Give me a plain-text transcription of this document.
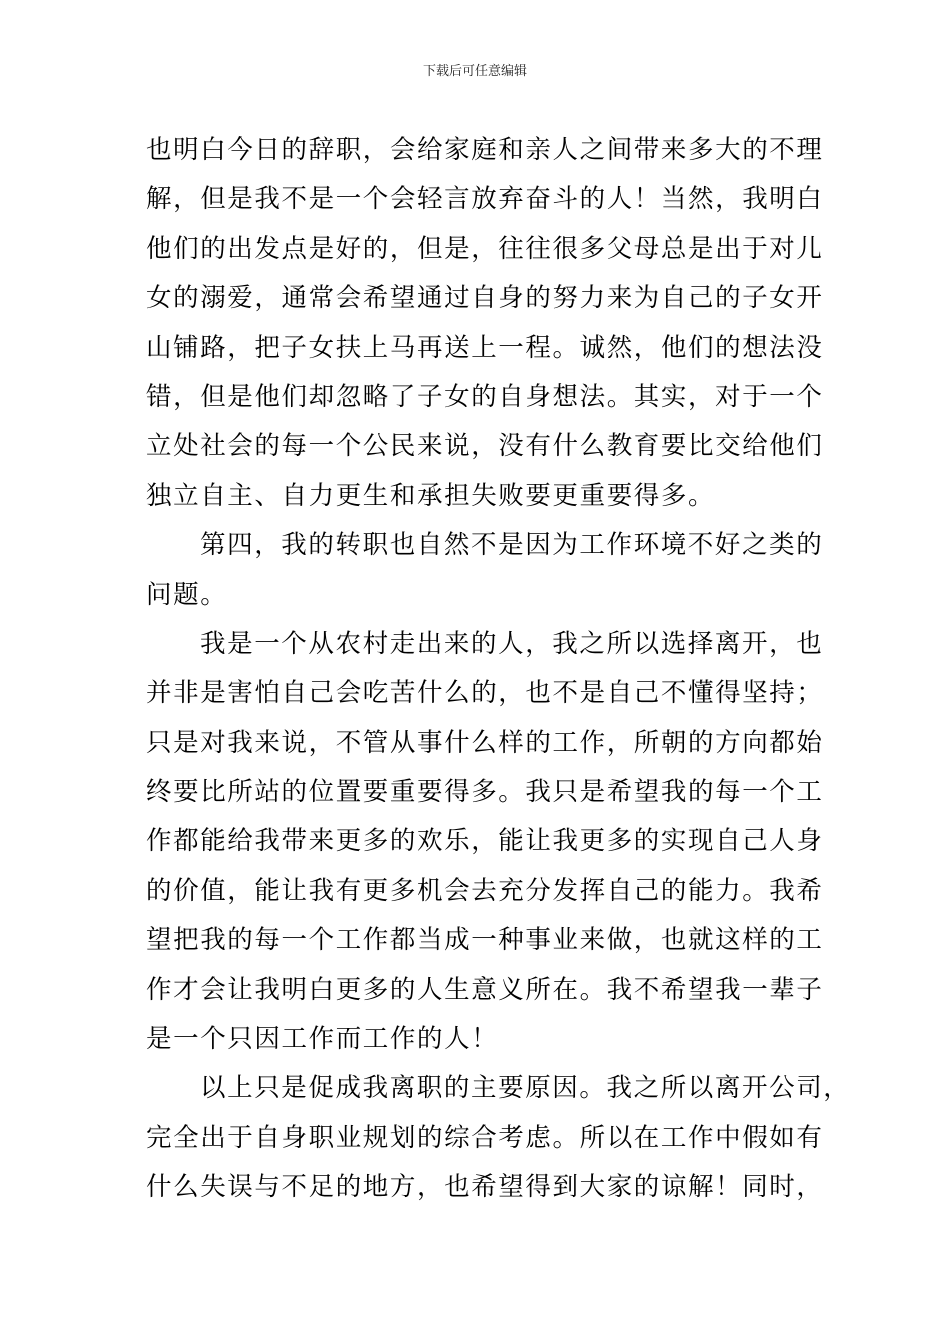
下载后可任意编辑
也明白今日的辞职，会给家庭和亲人之间带来多大的不理
解，但是我不是一个会轻言放弃奋斗的人！当然，我明白
他们的出发点是好的，但是，往往很多父母总是出于对儿
女的溺爱，通常会希望通过自身的努力来为自己的子女开
山铺路，把子女扶上马再送上一程。诚然，他们的想法没
错，但是他们却忽略了子女的自身想法。其实，对于一个
立处社会的每一个公民来说，没有什么教育要比交给他们
独立自主、自力更生和承担失败要更重要得多。
第四，我的转职也自然不是因为工作环境不好之类的
问题。
我是一个从农村走出来的人，我之所以选择离开，也
并非是害怕自己会吃苦什么的，也不是自己不懂得坚持；
只是对我来说，不管从事什么样的工作，所朝的方向都始
终要比所站的位置要重要得多。我只是希望我的每一个工
作都能给我带来更多的欢乐，能让我更多的实现自己人身
的价值，能让我有更多机会去充分发挥自己的能力。我希
望把我的每一个工作都当成一种事业来做，也就这样的工
作才会让我明白更多的人生意义所在。我不希望我一辈子
是一个只因工作而工作的人！
以上只是促成我离职的主要原因。我之所以离开公司，
完全出于自身职业规划的综合考虑。所以在工作中假如有
什么失误与不足的地方，也希望得到大家的谅解！同时，
